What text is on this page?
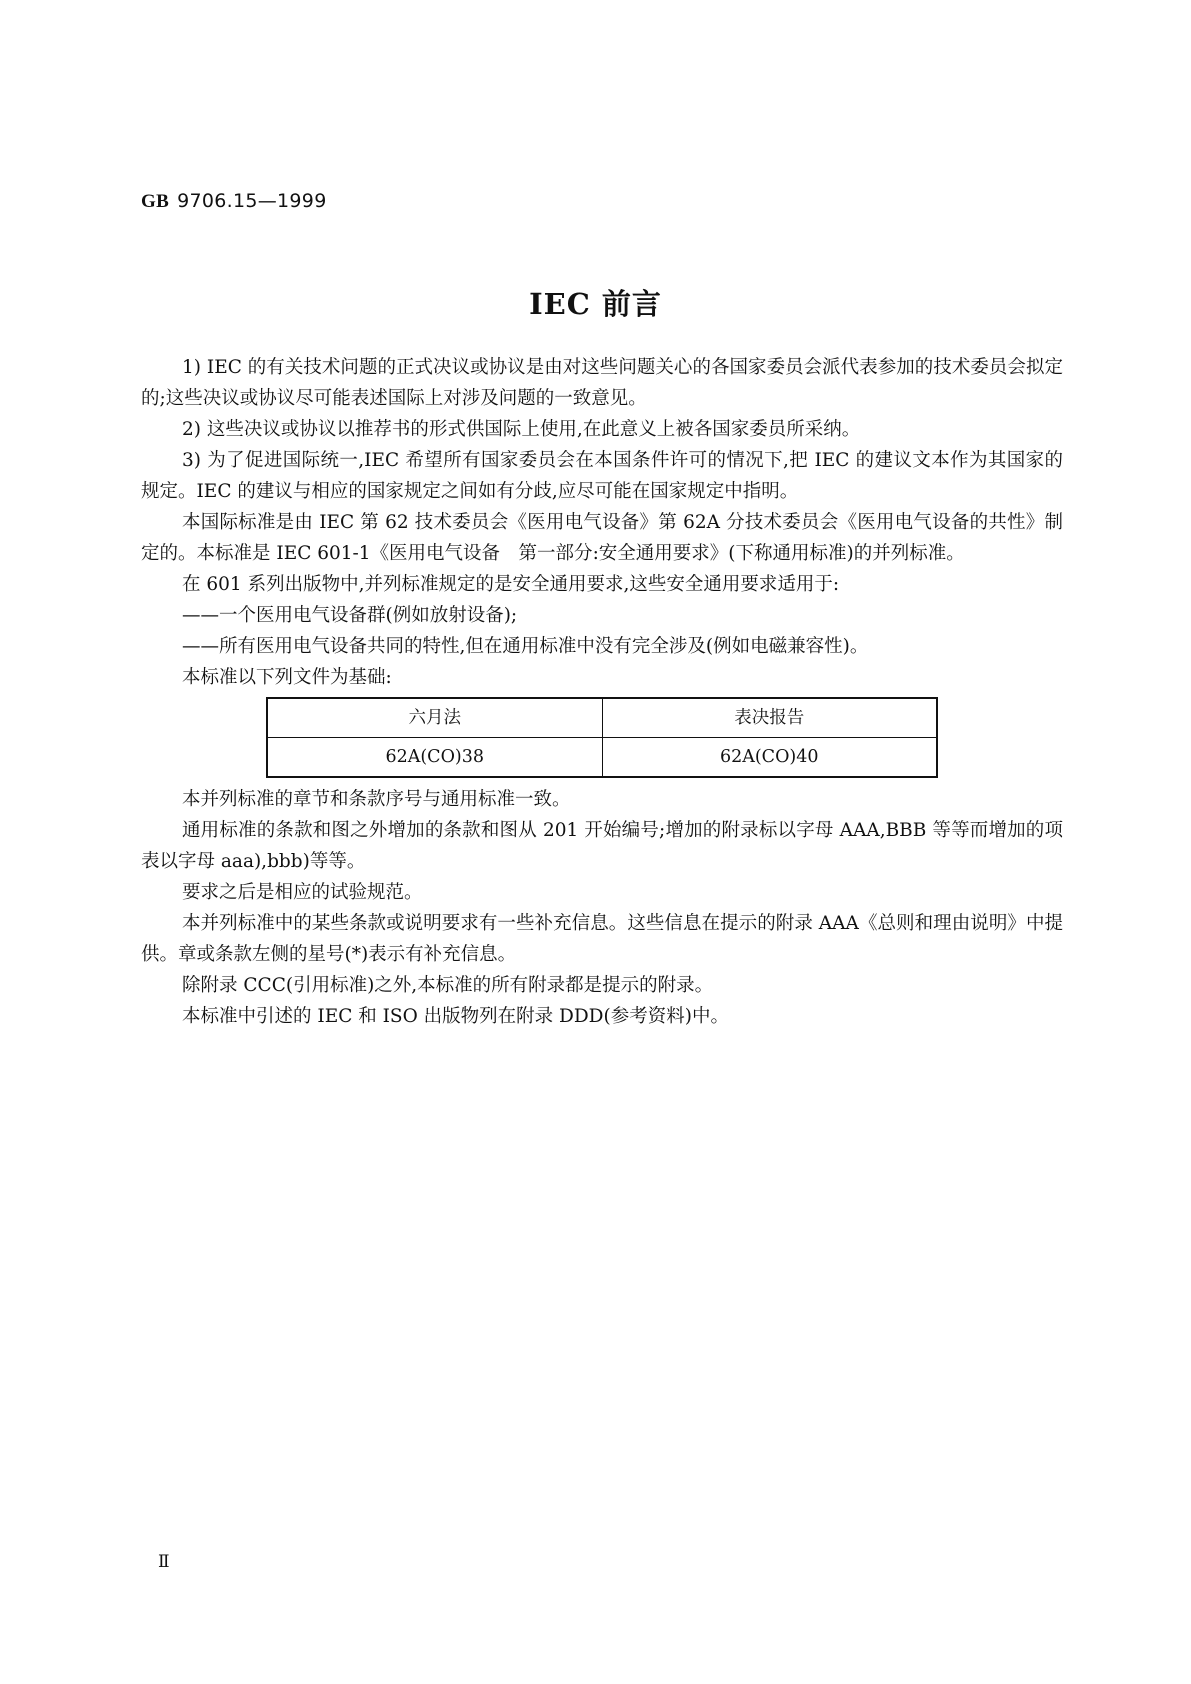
GB 9706.15—1999
IEC 前言

1) IEC 的有关技术问题的正式决议或协议是由对这些问题关心的各国家委员会派代表参加的技术委员会拟定的;这些决议或协议尽可能表述国际上对涉及问题的一致意见。

2) 这些决议或协议以推荐书的形式供国际上使用,在此意义上被各国家委员所采纳。

3) 为了促进国际统一,IEC 希望所有国家委员会在本国条件许可的情况下,把 IEC 的建议文本作为其国家的规定。IEC 的建议与相应的国家规定之间如有分歧,应尽可能在国家规定中指明。

本国际标准是由 IEC 第 62 技术委员会《医用电气设备》第 62A 分技术委员会《医用电气设备的共性》制定的。本标准是 IEC 601-1《医用电气设备　第一部分:安全通用要求》(下称通用标准)的并列标准。

在 601 系列出版物中,并列标准规定的是安全通用要求,这些安全通用要求适用于:

——一个医用电气设备群(例如放射设备);

——所有医用电气设备共同的特性,但在通用标准中没有完全涉及(例如电磁兼容性)。

本标准以下列文件为基础:

六月法	表决报告
62A(CO)38	62A(CO)40

本并列标准的章节和条款序号与通用标准一致。

通用标准的条款和图之外增加的条款和图从 201 开始编号;增加的附录标以字母 AAA,BBB 等等而增加的项表以字母 aaa),bbb)等等。

要求之后是相应的试验规范。

本并列标准中的某些条款或说明要求有一些补充信息。这些信息在提示的附录 AAA《总则和理由说明》中提供。章或条款左侧的星号(*)表示有补充信息。

除附录 CCC(引用标准)之外,本标准的所有附录都是提示的附录。

本标准中引述的 IEC 和 ISO 出版物列在附录 DDD(参考资料)中。

Ⅱ
